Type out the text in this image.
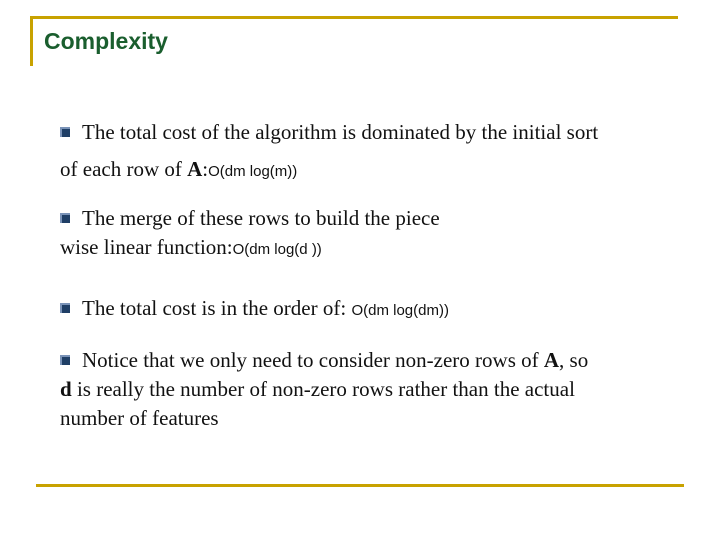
Complexity
The total cost of the algorithm is dominated by the initial sort
of each row of A:O(dm log(m))
The merge of these rows to build the piece
wise linear function:O(dm log(d ))
The total cost is in the order of: O(dm log(dm))
Notice that we only need to consider non-zero rows of A, so
d is really the number of non-zero rows rather than the actual
number of features
